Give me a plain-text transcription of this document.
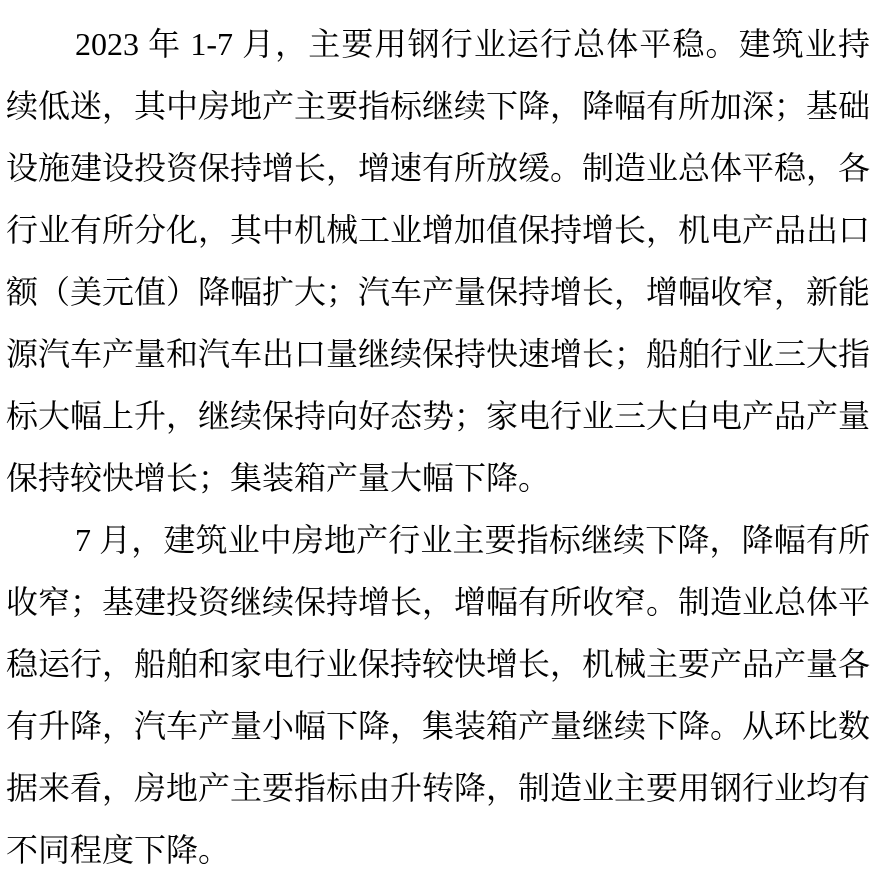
2023 年 1-7 月，主要用钢行业运行总体平稳。建筑业持
续低迷，其中房地产主要指标继续下降，降幅有所加深；基础
设施建设投资保持增长，增速有所放缓。制造业总体平稳，各
行业有所分化，其中机械工业增加值保持增长，机电产品出口
额（美元值）降幅扩大；汽车产量保持增长，增幅收窄，新能
源汽车产量和汽车出口量继续保持快速增长；船舶行业三大指
标大幅上升，继续保持向好态势；家电行业三大白电产品产量
保持较快增长；集装箱产量大幅下降。

7 月，建筑业中房地产行业主要指标继续下降，降幅有所
收窄；基建投资继续保持增长，增幅有所收窄。制造业总体平
稳运行，船舶和家电行业保持较快增长，机械主要产品产量各
有升降，汽车产量小幅下降，集装箱产量继续下降。从环比数
据来看，房地产主要指标由升转降，制造业主要用钢行业均有
不同程度下降。
